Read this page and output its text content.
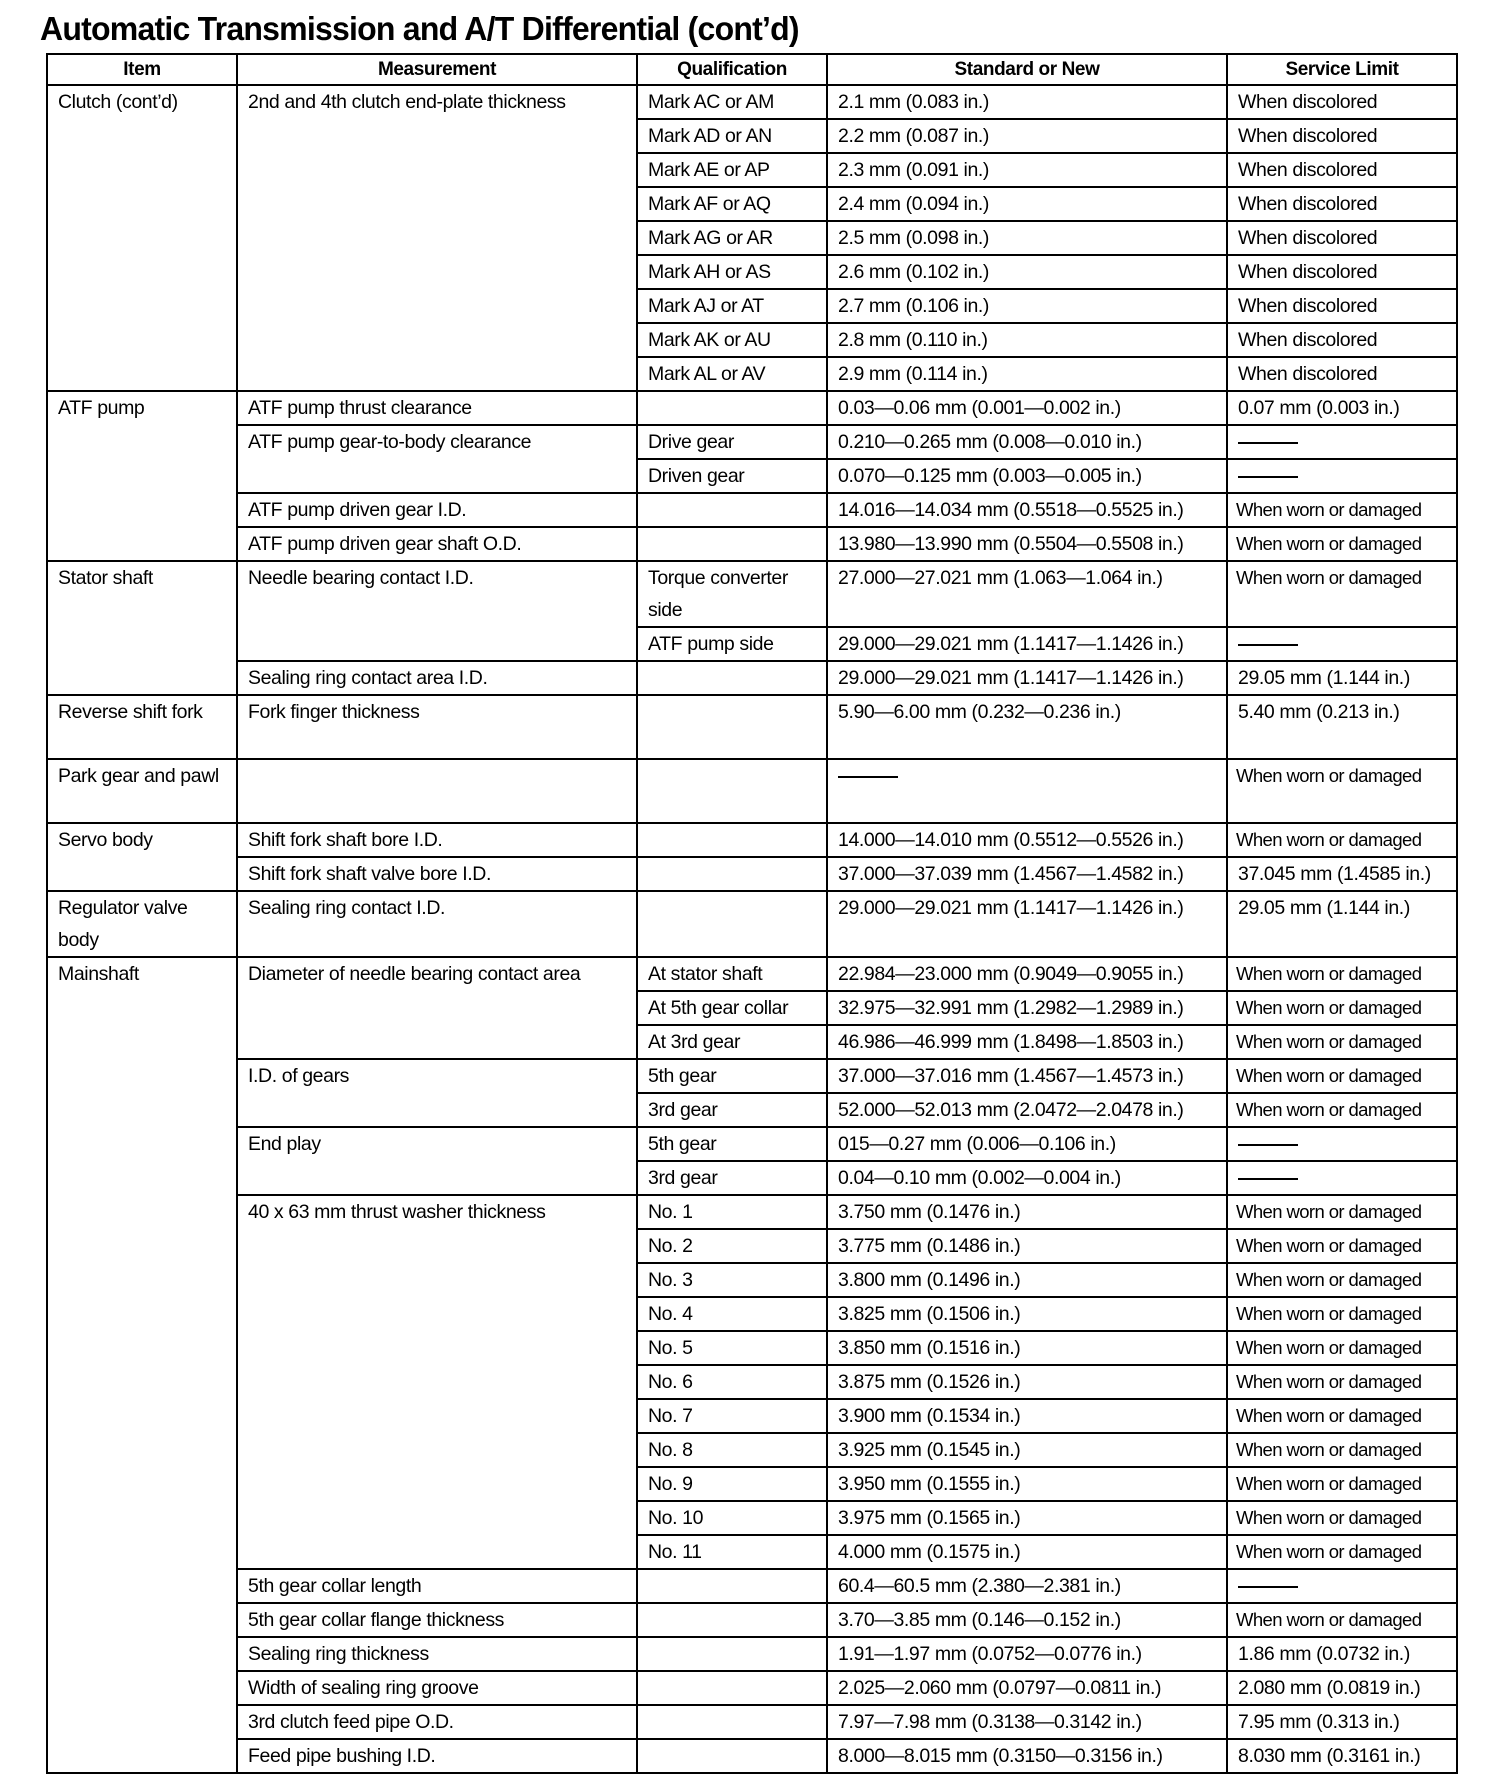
Automatic Transmission and A/T Differential (cont’d)
Item	Measurement	Qualification	Standard or New	Service Limit
Clutch (cont’d)	2nd and 4th clutch end-plate thickness	Mark AC or AM	2.1 mm (0.083 in.)	When discolored
		Mark AD or AN	2.2 mm (0.087 in.)	When discolored
		Mark AE or AP	2.3 mm (0.091 in.)	When discolored
		Mark AF or AQ	2.4 mm (0.094 in.)	When discolored
		Mark AG or AR	2.5 mm (0.098 in.)	When discolored
		Mark AH or AS	2.6 mm (0.102 in.)	When discolored
		Mark AJ or AT	2.7 mm (0.106 in.)	When discolored
		Mark AK or AU	2.8 mm (0.110 in.)	When discolored
		Mark AL or AV	2.9 mm (0.114 in.)	When discolored
ATF pump	ATF pump thrust clearance		0.03—0.06 mm (0.001—0.002 in.)	0.07 mm (0.003 in.)
	ATF pump gear-to-body clearance	Drive gear	0.210—0.265 mm (0.008—0.010 in.)	
		Driven gear	0.070—0.125 mm (0.003—0.005 in.)	
	ATF pump driven gear I.D.		14.016—14.034 mm (0.5518—0.5525 in.)	When worn or damaged
	ATF pump driven gear shaft O.D.		13.980—13.990 mm (0.5504—0.5508 in.)	When worn or damaged
Stator shaft	Needle bearing contact I.D.	Torque converter side	27.000—27.021 mm (1.063—1.064 in.)	When worn or damaged
		ATF pump side	29.000—29.021 mm (1.1417—1.1426 in.)	
	Sealing ring contact area I.D.		29.000—29.021 mm (1.1417—1.1426 in.)	29.05 mm (1.144 in.)
Reverse shift fork	Fork finger thickness		5.90—6.00 mm (0.232—0.236 in.)	5.40 mm (0.213 in.)
Park gear and pawl				When worn or damaged
Servo body	Shift fork shaft bore I.D.		14.000—14.010 mm (0.5512—0.5526 in.)	When worn or damaged
	Shift fork shaft valve bore I.D.		37.000—37.039 mm (1.4567—1.4582 in.)	37.045 mm (1.4585 in.)
Regulator valve body	Sealing ring contact I.D.		29.000—29.021 mm (1.1417—1.1426 in.)	29.05 mm (1.144 in.)
Mainshaft	Diameter of needle bearing contact area	At stator shaft	22.984—23.000 mm (0.9049—0.9055 in.)	When worn or damaged
		At 5th gear collar	32.975—32.991 mm (1.2982—1.2989 in.)	When worn or damaged
		At 3rd gear	46.986—46.999 mm (1.8498—1.8503 in.)	When worn or damaged
	I.D. of gears	5th gear	37.000—37.016 mm (1.4567—1.4573 in.)	When worn or damaged
		3rd gear	52.000—52.013 mm (2.0472—2.0478 in.)	When worn or damaged
	End play	5th gear	015—0.27 mm (0.006—0.106 in.)	
		3rd gear	0.04—0.10 mm (0.002—0.004 in.)	
	40 x 63 mm thrust washer thickness	No. 1	3.750 mm (0.1476 in.)	When worn or damaged
		No. 2	3.775 mm (0.1486 in.)	When worn or damaged
		No. 3	3.800 mm (0.1496 in.)	When worn or damaged
		No. 4	3.825 mm (0.1506 in.)	When worn or damaged
		No. 5	3.850 mm (0.1516 in.)	When worn or damaged
		No. 6	3.875 mm (0.1526 in.)	When worn or damaged
		No. 7	3.900 mm (0.1534 in.)	When worn or damaged
		No. 8	3.925 mm (0.1545 in.)	When worn or damaged
		No. 9	3.950 mm (0.1555 in.)	When worn or damaged
		No. 10	3.975 mm (0.1565 in.)	When worn or damaged
		No. 11	4.000 mm (0.1575 in.)	When worn or damaged
	5th gear collar length		60.4—60.5 mm (2.380—2.381 in.)	
	5th gear collar flange thickness		3.70—3.85 mm (0.146—0.152 in.)	When worn or damaged
	Sealing ring thickness		1.91—1.97 mm (0.0752—0.0776 in.)	1.86 mm (0.0732 in.)
	Width of sealing ring groove		2.025—2.060 mm (0.0797—0.0811 in.)	2.080 mm (0.0819 in.)
	3rd clutch feed pipe O.D.		7.97—7.98 mm (0.3138—0.3142 in.)	7.95 mm (0.313 in.)
	Feed pipe bushing I.D.		8.000—8.015 mm (0.3150—0.3156 in.)	8.030 mm (0.3161 in.)
